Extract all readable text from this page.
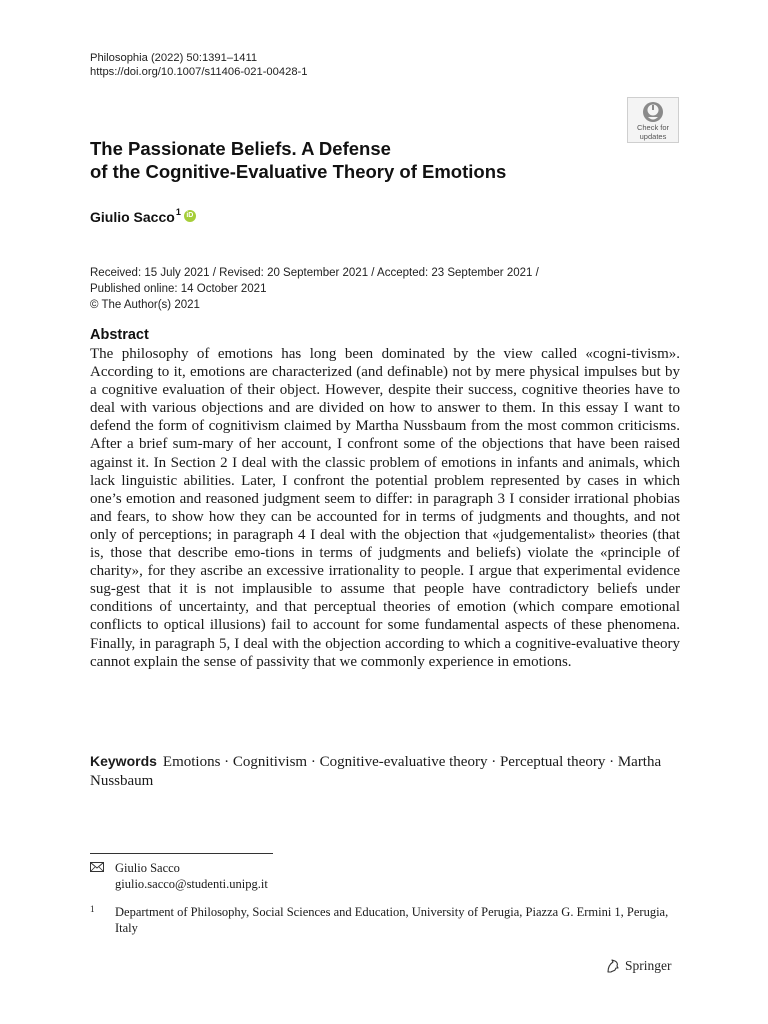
Philosophia (2022) 50:1391–1411
https://doi.org/10.1007/s11406-021-00428-1
Check for
updates
The Passionate Beliefs. A Defense
of the Cognitive-Evaluative Theory of Emotions
Giulio Sacco$^1$ iD
Received: 15 July 2021 / Revised: 20 September 2021 / Accepted: 23 September 2021 /
Published online: 14 October 2021
© The Author(s) 2021
Abstract

The philosophy of emotions has long been dominated by the view called «cogni-tivism». According to it, emotions are characterized (and definable) not by mere physical impulses but by a cognitive evaluation of their object. However, despite their success, cognitive theories have to deal with various objections and are divided on how to answer to them. In this essay I want to defend the form of cognitivism claimed by Martha Nussbaum from the most common criticisms. After a brief sum-mary of her account, I confront some of the objections that have been raised against it. In Section 2 I deal with the classic problem of emotions in infants and animals, which lack linguistic abilities. Later, I confront the potential problem represented by cases in which one’s emotion and reasoned judgment seem to differ: in paragraph 3 I consider irrational phobias and fears, to show how they can be accounted for in terms of judgments and thoughts, and not only of perceptions; in paragraph 4 I deal with the objection that «judgementalist» theories (that is, those that describe emo-tions in terms of judgments and beliefs) violate the «principle of charity», for they ascribe an excessive irrationality to people. I argue that experimental evidence sug-gest that it is not implausible to assume that people have contradictory beliefs under conditions of uncertainty, and that perceptual theories of emotion (which compare emotional conflicts to optical illusions) fail to account for some fundamental aspects of these phenomena. Finally, in paragraph 5, I deal with the objection according to which a cognitive-evaluative theory cannot explain the sense of passivity that we commonly experience in emotions.

Keywords Emotions · Cognitivism · Cognitive-evaluative theory · Perceptual theory · Martha Nussbaum
Giulio Sacco
giulio.sacco@studenti.unipg.it
1 Department of Philosophy, Social Sciences and Education, University of Perugia, Piazza G. Ermini 1, Perugia, Italy
Springer
